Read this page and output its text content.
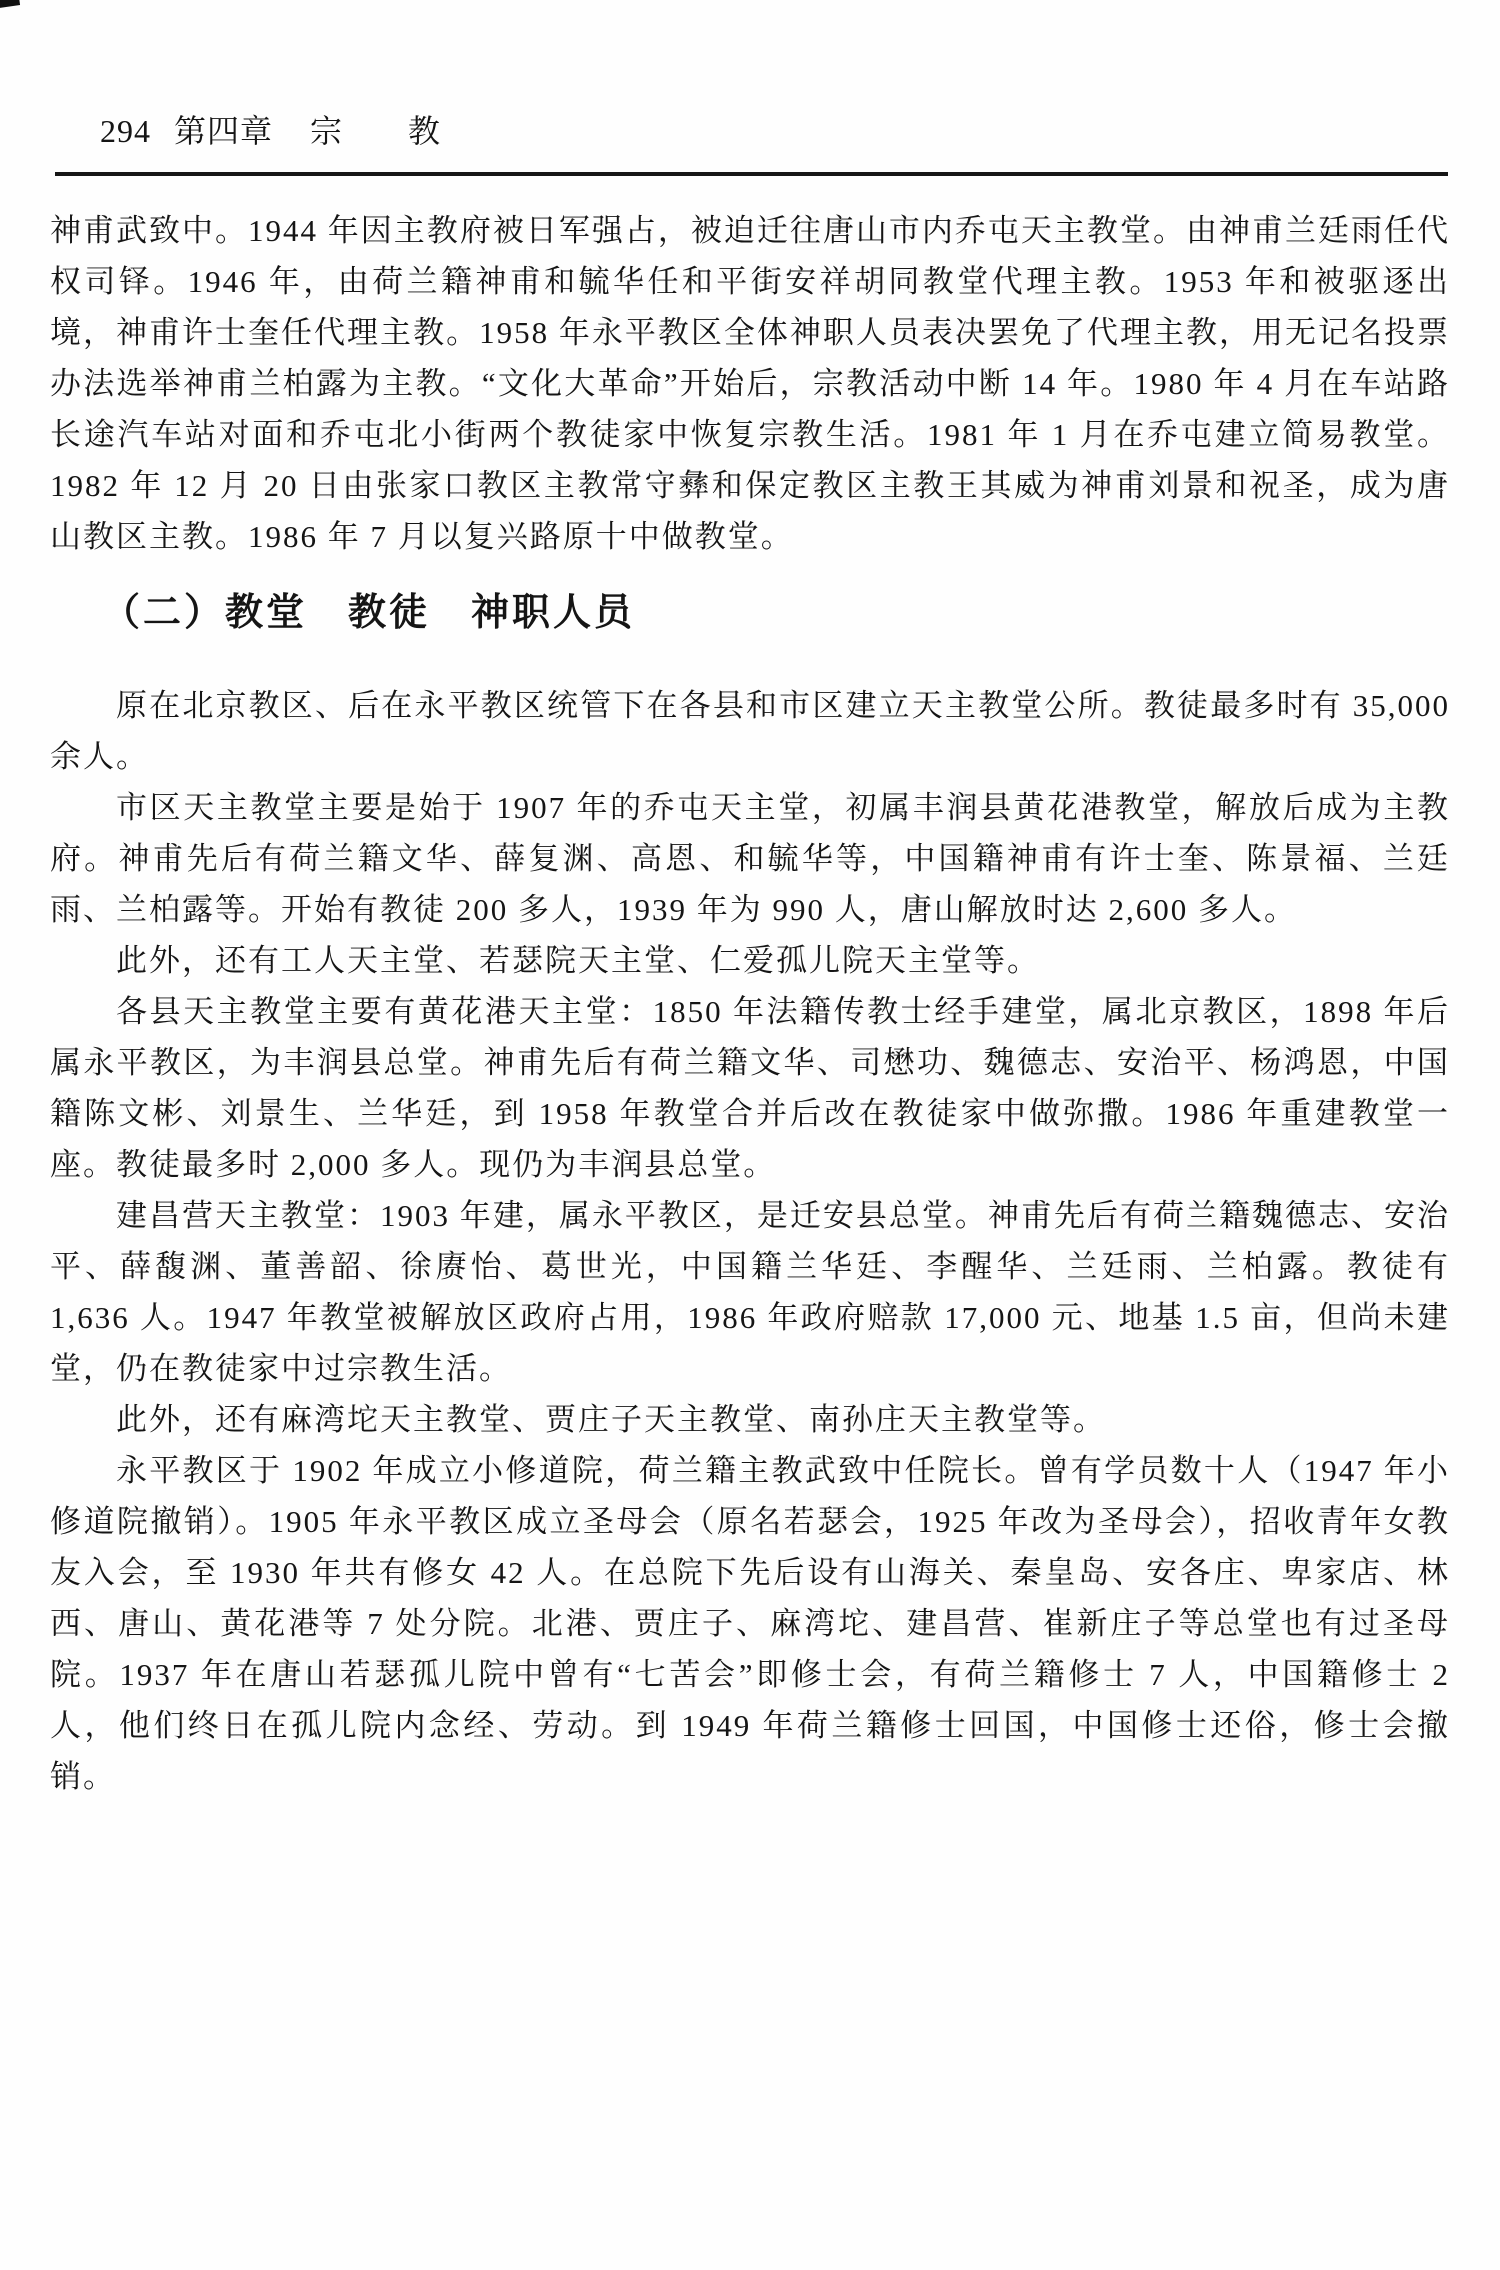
294 第四章 宗 教

神甫武致中。1944 年因主教府被日军强占，被迫迁往唐山市内乔屯天主教堂。由神甫兰廷雨任代权司铎。1946 年，由荷兰籍神甫和毓华任和平街安祥胡同教堂代理主教。1953 年和被驱逐出境，神甫许士奎任代理主教。1958 年永平教区全体神职人员表决罢免了代理主教，用无记名投票办法选举神甫兰柏露为主教。“文化大革命”开始后，宗教活动中断 14 年。1980 年 4 月在车站路长途汽车站对面和乔屯北小街两个教徒家中恢复宗教生活。1981 年 1 月在乔屯建立简易教堂。1982 年 12 月 20 日由张家口教区主教常守彝和保定教区主教王其威为神甫刘景和祝圣，成为唐山教区主教。1986 年 7 月以复兴路原十中做教堂。

（二）教堂　教徒　神职人员

原在北京教区、后在永平教区统管下在各县和市区建立天主教堂公所。教徒最多时有 35,000 余人。

市区天主教堂主要是始于 1907 年的乔屯天主堂，初属丰润县黄花港教堂，解放后成为主教府。神甫先后有荷兰籍文华、薛复渊、高恩、和毓华等，中国籍神甫有许士奎、陈景福、兰廷雨、兰柏露等。开始有教徒 200 多人，1939 年为 990 人，唐山解放时达 2,600 多人。

此外，还有工人天主堂、若瑟院天主堂、仁爱孤儿院天主堂等。

各县天主教堂主要有黄花港天主堂：1850 年法籍传教士经手建堂，属北京教区，1898 年后属永平教区，为丰润县总堂。神甫先后有荷兰籍文华、司懋功、魏德志、安治平、杨鸿恩，中国籍陈文彬、刘景生、兰华廷，到 1958 年教堂合并后改在教徒家中做弥撒。1986 年重建教堂一座。教徒最多时 2,000 多人。现仍为丰润县总堂。

建昌营天主教堂：1903 年建，属永平教区，是迁安县总堂。神甫先后有荷兰籍魏德志、安治平、薛馥渊、董善韶、徐赓怡、葛世光，中国籍兰华廷、李醒华、兰廷雨、兰柏露。教徒有 1,636 人。1947 年教堂被解放区政府占用，1986 年政府赔款 17,000 元、地基 1.5 亩，但尚未建堂，仍在教徒家中过宗教生活。

此外，还有麻湾坨天主教堂、贾庄子天主教堂、南孙庄天主教堂等。

永平教区于 1902 年成立小修道院，荷兰籍主教武致中任院长。曾有学员数十人（1947 年小修道院撤销）。1905 年永平教区成立圣母会（原名若瑟会，1925 年改为圣母会），招收青年女教友入会，至 1930 年共有修女 42 人。在总院下先后设有山海关、秦皇岛、安各庄、卑家店、林西、唐山、黄花港等 7 处分院。北港、贾庄子、麻湾坨、建昌营、崔新庄子等总堂也有过圣母院。1937 年在唐山若瑟孤儿院中曾有“七苦会”即修士会，有荷兰籍修士 7 人，中国籍修士 2 人，他们终日在孤儿院内念经、劳动。到 1949 年荷兰籍修士回国，中国修士还俗，修士会撤销。
